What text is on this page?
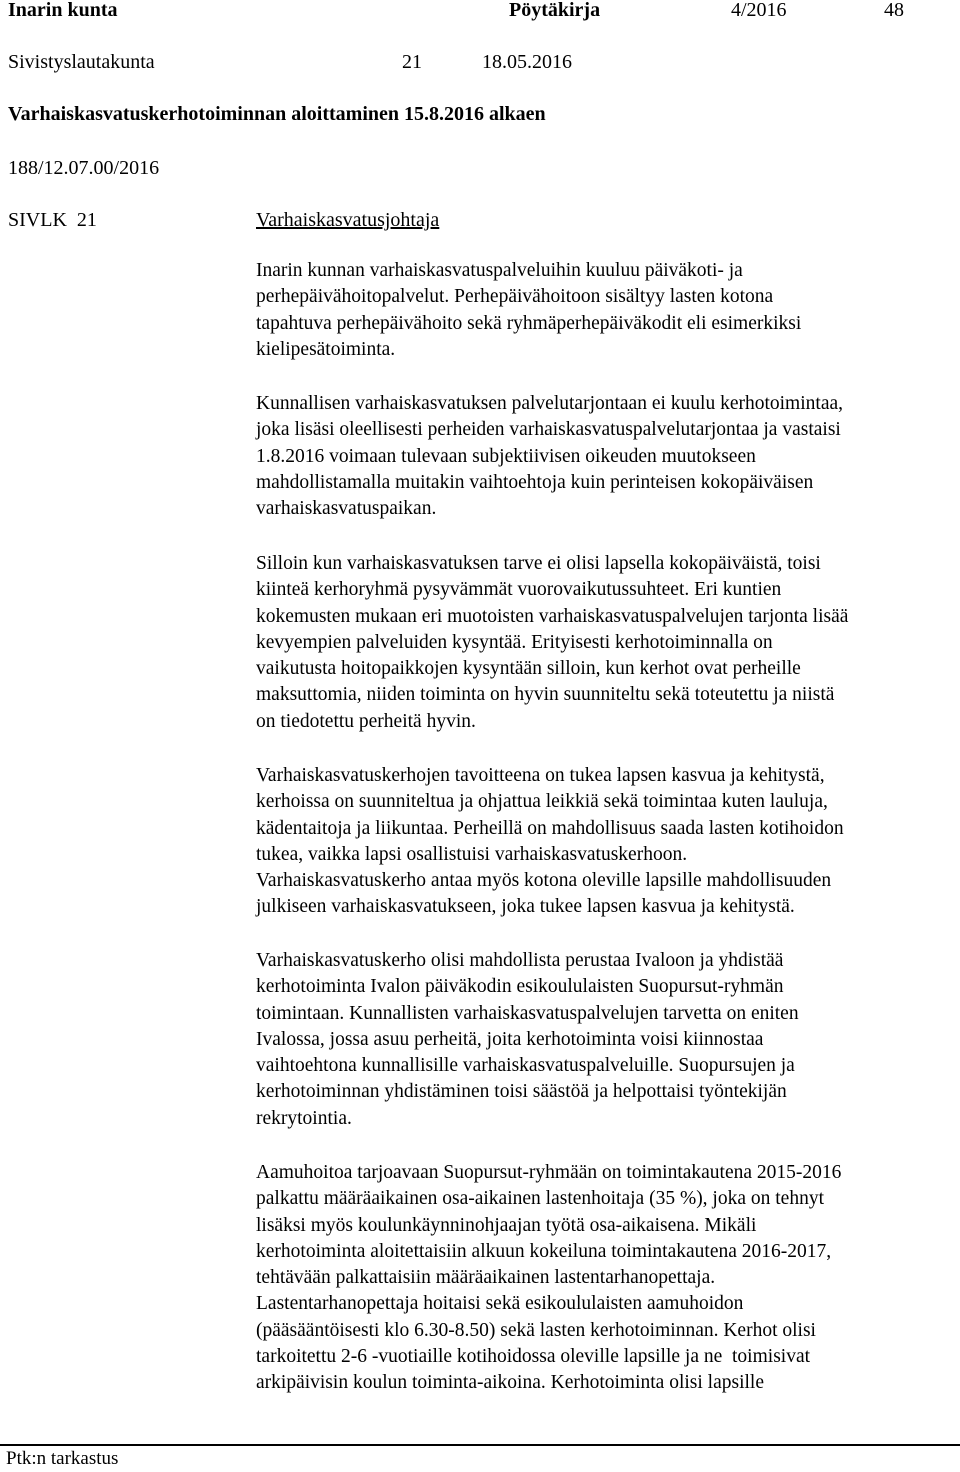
Inarin kunta	Pöytäkirja	4/2016	48
Sivistyslautakunta	21	18.05.2016
Varhaiskasvatuskerhotoiminnan aloittaminen 15.8.2016 alkaen
188/12.07.00/2016
SIVLK  21	Varhaiskasvatusjohtaja
Inarin kunnan varhaiskasvatuspalveluihin kuuluu päiväkoti- ja
perhepäivähoitopalvelut. Perhepäivähoitoon sisältyy lasten kotona
tapahtuva perhepäivähoito sekä ryhmäperhepäiväkodit eli esimerkiksi
kielipesätoiminta.
Kunnallisen varhaiskasvatuksen palvelutarjontaan ei kuulu kerhotoimintaa,
joka lisäsi oleellisesti perheiden varhaiskasvatuspalvelutarjontaa ja vastaisi
1.8.2016 voimaan tulevaan subjektiivisen oikeuden muutokseen
mahdollistamalla muitakin vaihtoehtoja kuin perinteisen kokopäiväisen
varhaiskasvatuspaikan.
Silloin kun varhaiskasvatuksen tarve ei olisi lapsella kokopäiväistä, toisi
kiinteä kerhoryhmä pysyvämmät vuorovaikutussuhteet. Eri kuntien
kokemusten mukaan eri muotoisten varhaiskasvatuspalvelujen tarjonta lisää
kevyempien palveluiden kysyntää. Erityisesti kerhotoiminnalla on
vaikutusta hoitopaikkojen kysyntään silloin, kun kerhot ovat perheille
maksuttomia, niiden toiminta on hyvin suunniteltu sekä toteutettu ja niistä
on tiedotettu perheitä hyvin.
Varhaiskasvatuskerhojen tavoitteena on tukea lapsen kasvua ja kehitystä,
kerhoissa on suunniteltua ja ohjattua leikkiä sekä toimintaa kuten lauluja,
kädentaitoja ja liikuntaa. Perheillä on mahdollisuus saada lasten kotihoidon
tukea, vaikka lapsi osallistuisi varhaiskasvatuskerhoon.
Varhaiskasvatuskerho antaa myös kotona oleville lapsille mahdollisuuden
julkiseen varhaiskasvatukseen, joka tukee lapsen kasvua ja kehitystä.
Varhaiskasvatuskerho olisi mahdollista perustaa Ivaloon ja yhdistää
kerhotoiminta Ivalon päiväkodin esikoululaisten Suopursut-ryhmän
toimintaan. Kunnallisten varhaiskasvatuspalvelujen tarvetta on eniten
Ivalossa, jossa asuu perheitä, joita kerhotoiminta voisi kiinnostaa
vaihtoehtona kunnallisille varhaiskasvatuspalveluille. Suopursujen ja
kerhotoiminnan yhdistäminen toisi säästöä ja helpottaisi työntekijän
rekrytointia.
Aamuhoitoa tarjoavaan Suopursut-ryhmään on toimintakautena 2015-2016
palkattu määräaikainen osa-aikainen lastenhoitaja (35 %), joka on tehnyt
lisäksi myös koulunkäynninohjaajan työtä osa-aikaisena. Mikäli
kerhotoiminta aloitettaisiin alkuun kokeiluna toimintakautena 2016-2017,
tehtävään palkattaisiin määräaikainen lastentarhanopettaja.
Lastentarhanopettaja hoitaisi sekä esikoululaisten aamuhoidon
(pääsääntöisesti klo 6.30-8.50) sekä lasten kerhotoiminnan. Kerhot olisi
tarkoitettu 2-6 -vuotiaille kotihoidossa oleville lapsille ja ne  toimisivat
arkipäivisin koulun toiminta-aikoina. Kerhotoiminta olisi lapsille
Ptk:n tarkastus
